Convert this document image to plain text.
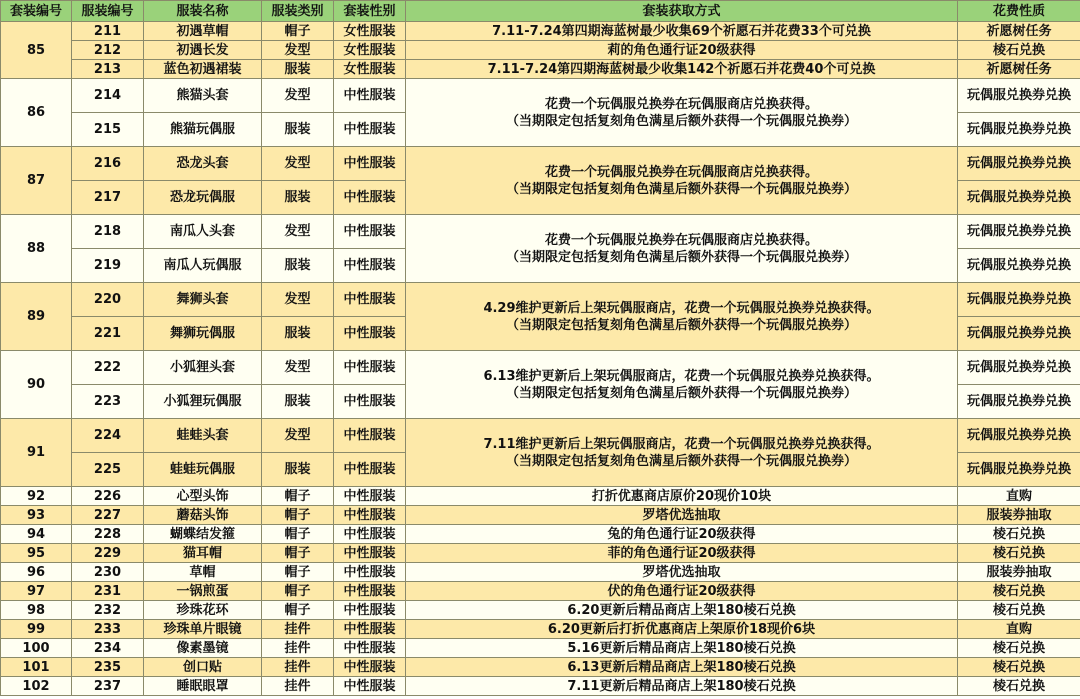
套装编号	服装编号	服装名称	服装类别	套装性别	套装获取方式	花费性质
85	211	初遇草帽	帽子	女性服装	7.11-7.24第四期海蓝树最少收集69个祈愿石并花费33个可兑换	祈愿树任务
	212	初遇长发	发型	女性服装	莉的角色通行证20级获得	棱石兑换
	213	蓝色初遇裙装	服装	女性服装	7.11-7.24第四期海蓝树最少收集142个祈愿石并花费40个可兑换	祈愿树任务
86	214	熊猫头套	发型	中性服装	花费一个玩偶服兑换券在玩偶服商店兑换获得。
（当期限定包括复刻角色满星后额外获得一个玩偶服兑换券）	玩偶服兑换券兑换
	215	熊猫玩偶服	服装	中性服装		玩偶服兑换券兑换
87	216	恐龙头套	发型	中性服装	花费一个玩偶服兑换券在玩偶服商店兑换获得。
（当期限定包括复刻角色满星后额外获得一个玩偶服兑换券）	玩偶服兑换券兑换
	217	恐龙玩偶服	服装	中性服装		玩偶服兑换券兑换
88	218	南瓜人头套	发型	中性服装	花费一个玩偶服兑换券在玩偶服商店兑换获得。
（当期限定包括复刻角色满星后额外获得一个玩偶服兑换券）	玩偶服兑换券兑换
	219	南瓜人玩偶服	服装	中性服装		玩偶服兑换券兑换
89	220	舞狮头套	发型	中性服装	4.29维护更新后上架玩偶服商店，花费一个玩偶服兑换券兑换获得。
（当期限定包括复刻角色满星后额外获得一个玩偶服兑换券）	玩偶服兑换券兑换
	221	舞狮玩偶服	服装	中性服装		玩偶服兑换券兑换
90	222	小狐狸头套	发型	中性服装	6.13维护更新后上架玩偶服商店，花费一个玩偶服兑换券兑换获得。
（当期限定包括复刻角色满星后额外获得一个玩偶服兑换券）	玩偶服兑换券兑换
	223	小狐狸玩偶服	服装	中性服装		玩偶服兑换券兑换
91	224	蛙蛙头套	发型	中性服装	7.11维护更新后上架玩偶服商店，花费一个玩偶服兑换券兑换获得。
（当期限定包括复刻角色满星后额外获得一个玩偶服兑换券）	玩偶服兑换券兑换
	225	蛙蛙玩偶服	服装	中性服装		玩偶服兑换券兑换
92	226	心型头饰	帽子	中性服装	打折优惠商店原价20现价10块	直购
93	227	蘑菇头饰	帽子	中性服装	罗塔优选抽取	服装券抽取
94	228	蝴蝶结发箍	帽子	中性服装	兔的角色通行证20级获得	棱石兑换
95	229	猫耳帽	帽子	中性服装	菲的角色通行证20级获得	棱石兑换
96	230	草帽	帽子	中性服装	罗塔优选抽取	服装券抽取
97	231	一锅煎蛋	帽子	中性服装	伏的角色通行证20级获得	棱石兑换
98	232	珍珠花环	帽子	中性服装	6.20更新后精品商店上架180棱石兑换	棱石兑换
99	233	珍珠单片眼镜	挂件	中性服装	6.20更新后打折优惠商店上架原价18现价6块	直购
100	234	像素墨镜	挂件	中性服装	5.16更新后精品商店上架180棱石兑换	棱石兑换
101	235	创口贴	挂件	中性服装	6.13更新后精品商店上架180棱石兑换	棱石兑换
102	237	睡眠眼罩	挂件	中性服装	7.11更新后精品商店上架180棱石兑换	棱石兑换
